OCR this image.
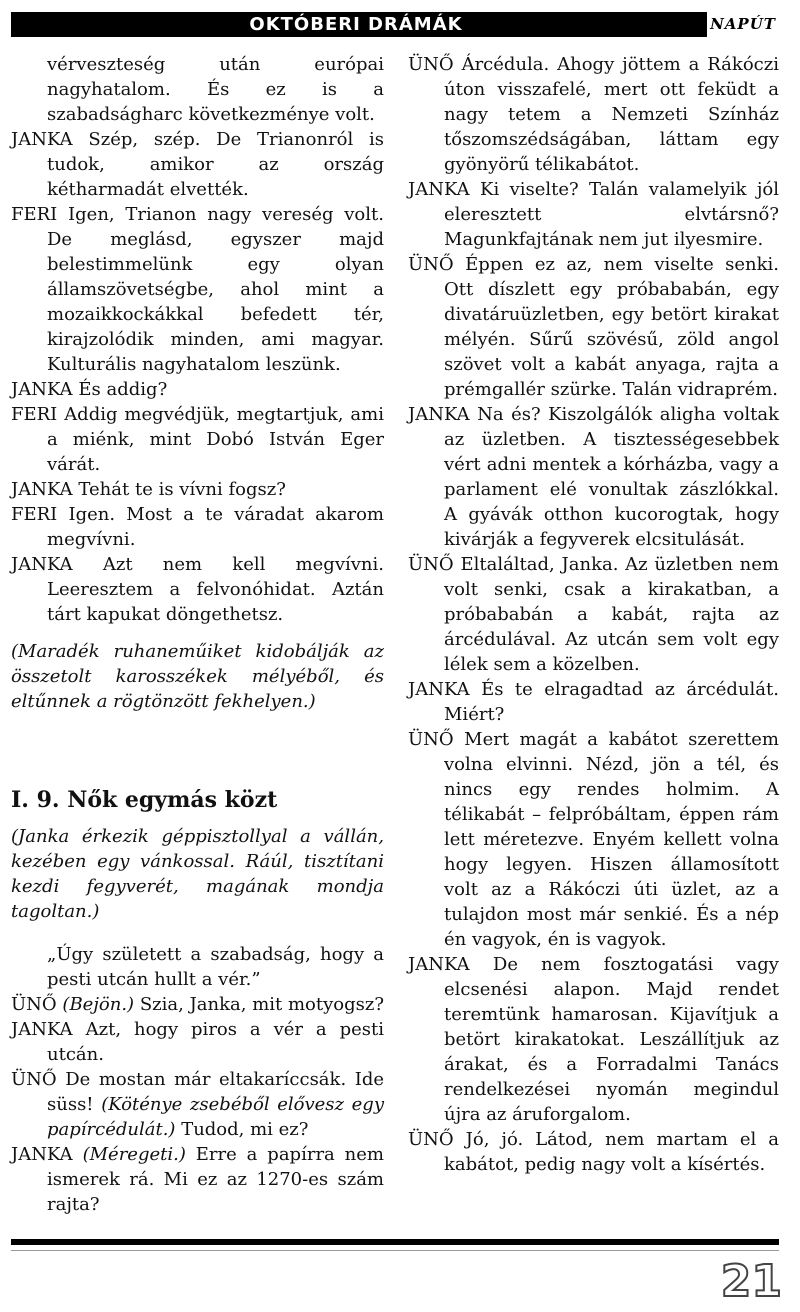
OKTÓBERI DRÁMÁK	NAPÚT
vérveszteség után európai nagyhatalom. És ez is a szabadságharc következménye volt.
JANKA Szép, szép. De Trianonról is tudok, amikor az ország kétharmadát elvették.
FERI Igen, Trianon nagy vereség volt. De meglásd, egyszer majd belestimmelünk egy olyan államszövetségbe, ahol mint a mozaikkockákkal befedett tér, kirajzolódik minden, ami magyar. Kulturális nagyhatalom leszünk.
JANKA És addig?
FERI Addig megvédjük, megtartjuk, ami a miénk, mint Dobó István Eger várát.
JANKA Tehát te is vívni fogsz?
FERI Igen. Most a te váradat akarom megvívni.
JANKA Azt nem kell megvívni. Leeresztem a felvonóhidat. Aztán tárt kapukat döngethetsz.

(Maradék ruhaneműiket kidobálják az összetolt karosszékek mélyéből, és eltűnnek a rögtönzött fekhelyen.)

I. 9. Nők egymás közt

(Janka érkezik géppisztollyal a vállán, kezében egy vánkossal. Ráúl, tisztítani kezdi fegyverét, magának mondja tagoltan.)

„Úgy született a szabadság, hogy a pesti utcán hullt a vér.”
ÜNŐ (Bejön.) Szia, Janka, mit motyogsz?
JANKA Azt, hogy piros a vér a pesti utcán.
ÜNŐ De mostan már eltakaríccsák. Ide süss! (Kötényе zsebéből elővesz egy papírcédulát.) Tudod, mi ez?
JANKA (Méregeti.) Erre a papírra nem ismerek rá. Mi ez az 1270-es szám rajta?
ÜNŐ Árcédula. Ahogy jöttem a Rákóczi úton visszafelé, mert ott feküdt a nagy tetem a Nemzeti Színház tőszomszédságában, láttam egy gyönyörű télikabátot.
JANKA Ki viselte? Talán valamelyik jól eleresztett elvtársnő? Magunkfajtának nem jut ilyesmire.
ÜNŐ Éppen ez az, nem viselte senki. Ott díszlett egy próbababán, egy divatáruüzletben, egy betört kirakat mélyén. Sűrű szövésű, zöld angol szövet volt a kabát anyaga, rajta a prémgallér szürke. Talán vidraprém.
JANKA Na és? Kiszolgálók aligha voltak az üzletben. A tisztességesebbek vért adni mentek a kórházba, vagy a parlament elé vonultak zászlókkal. A gyávák otthon kucorogtak, hogy kivárják a fegyverek elcsitulását.
ÜNŐ Eltaláltad, Janka. Az üzletben nem volt senki, csak a kirakatban, a próbababán a kabát, rajta az árcédulával. Az utcán sem volt egy lélek sem a közelben.
JANKA És te elragadtad az árcédulát. Miért?
ÜNŐ Mert magát a kabátot szerettem volna elvinni. Nézd, jön a tél, és nincs egy rendes holmim. A télikabát – felpróbáltam, éppen rám lett méretezve. Enyém kellett volna hogy legyen. Hiszen államosított volt az a Rákóczi úti üzlet, az a tulajdon most már senkié. És a nép én vagyok, én is vagyok.
JANKA De nem fosztogatási vagy elcsenési alapon. Majd rendet teremtünk hamarosan. Kijavítjuk a betört kirakatokat. Leszállítjuk az árakat, és a Forradalmi Tanács rendelkezései nyomán megindul újra az áruforgalom.
ÜNŐ Jó, jó. Látod, nem martam el a kabátot, pedig nagy volt a kísértés.
21
